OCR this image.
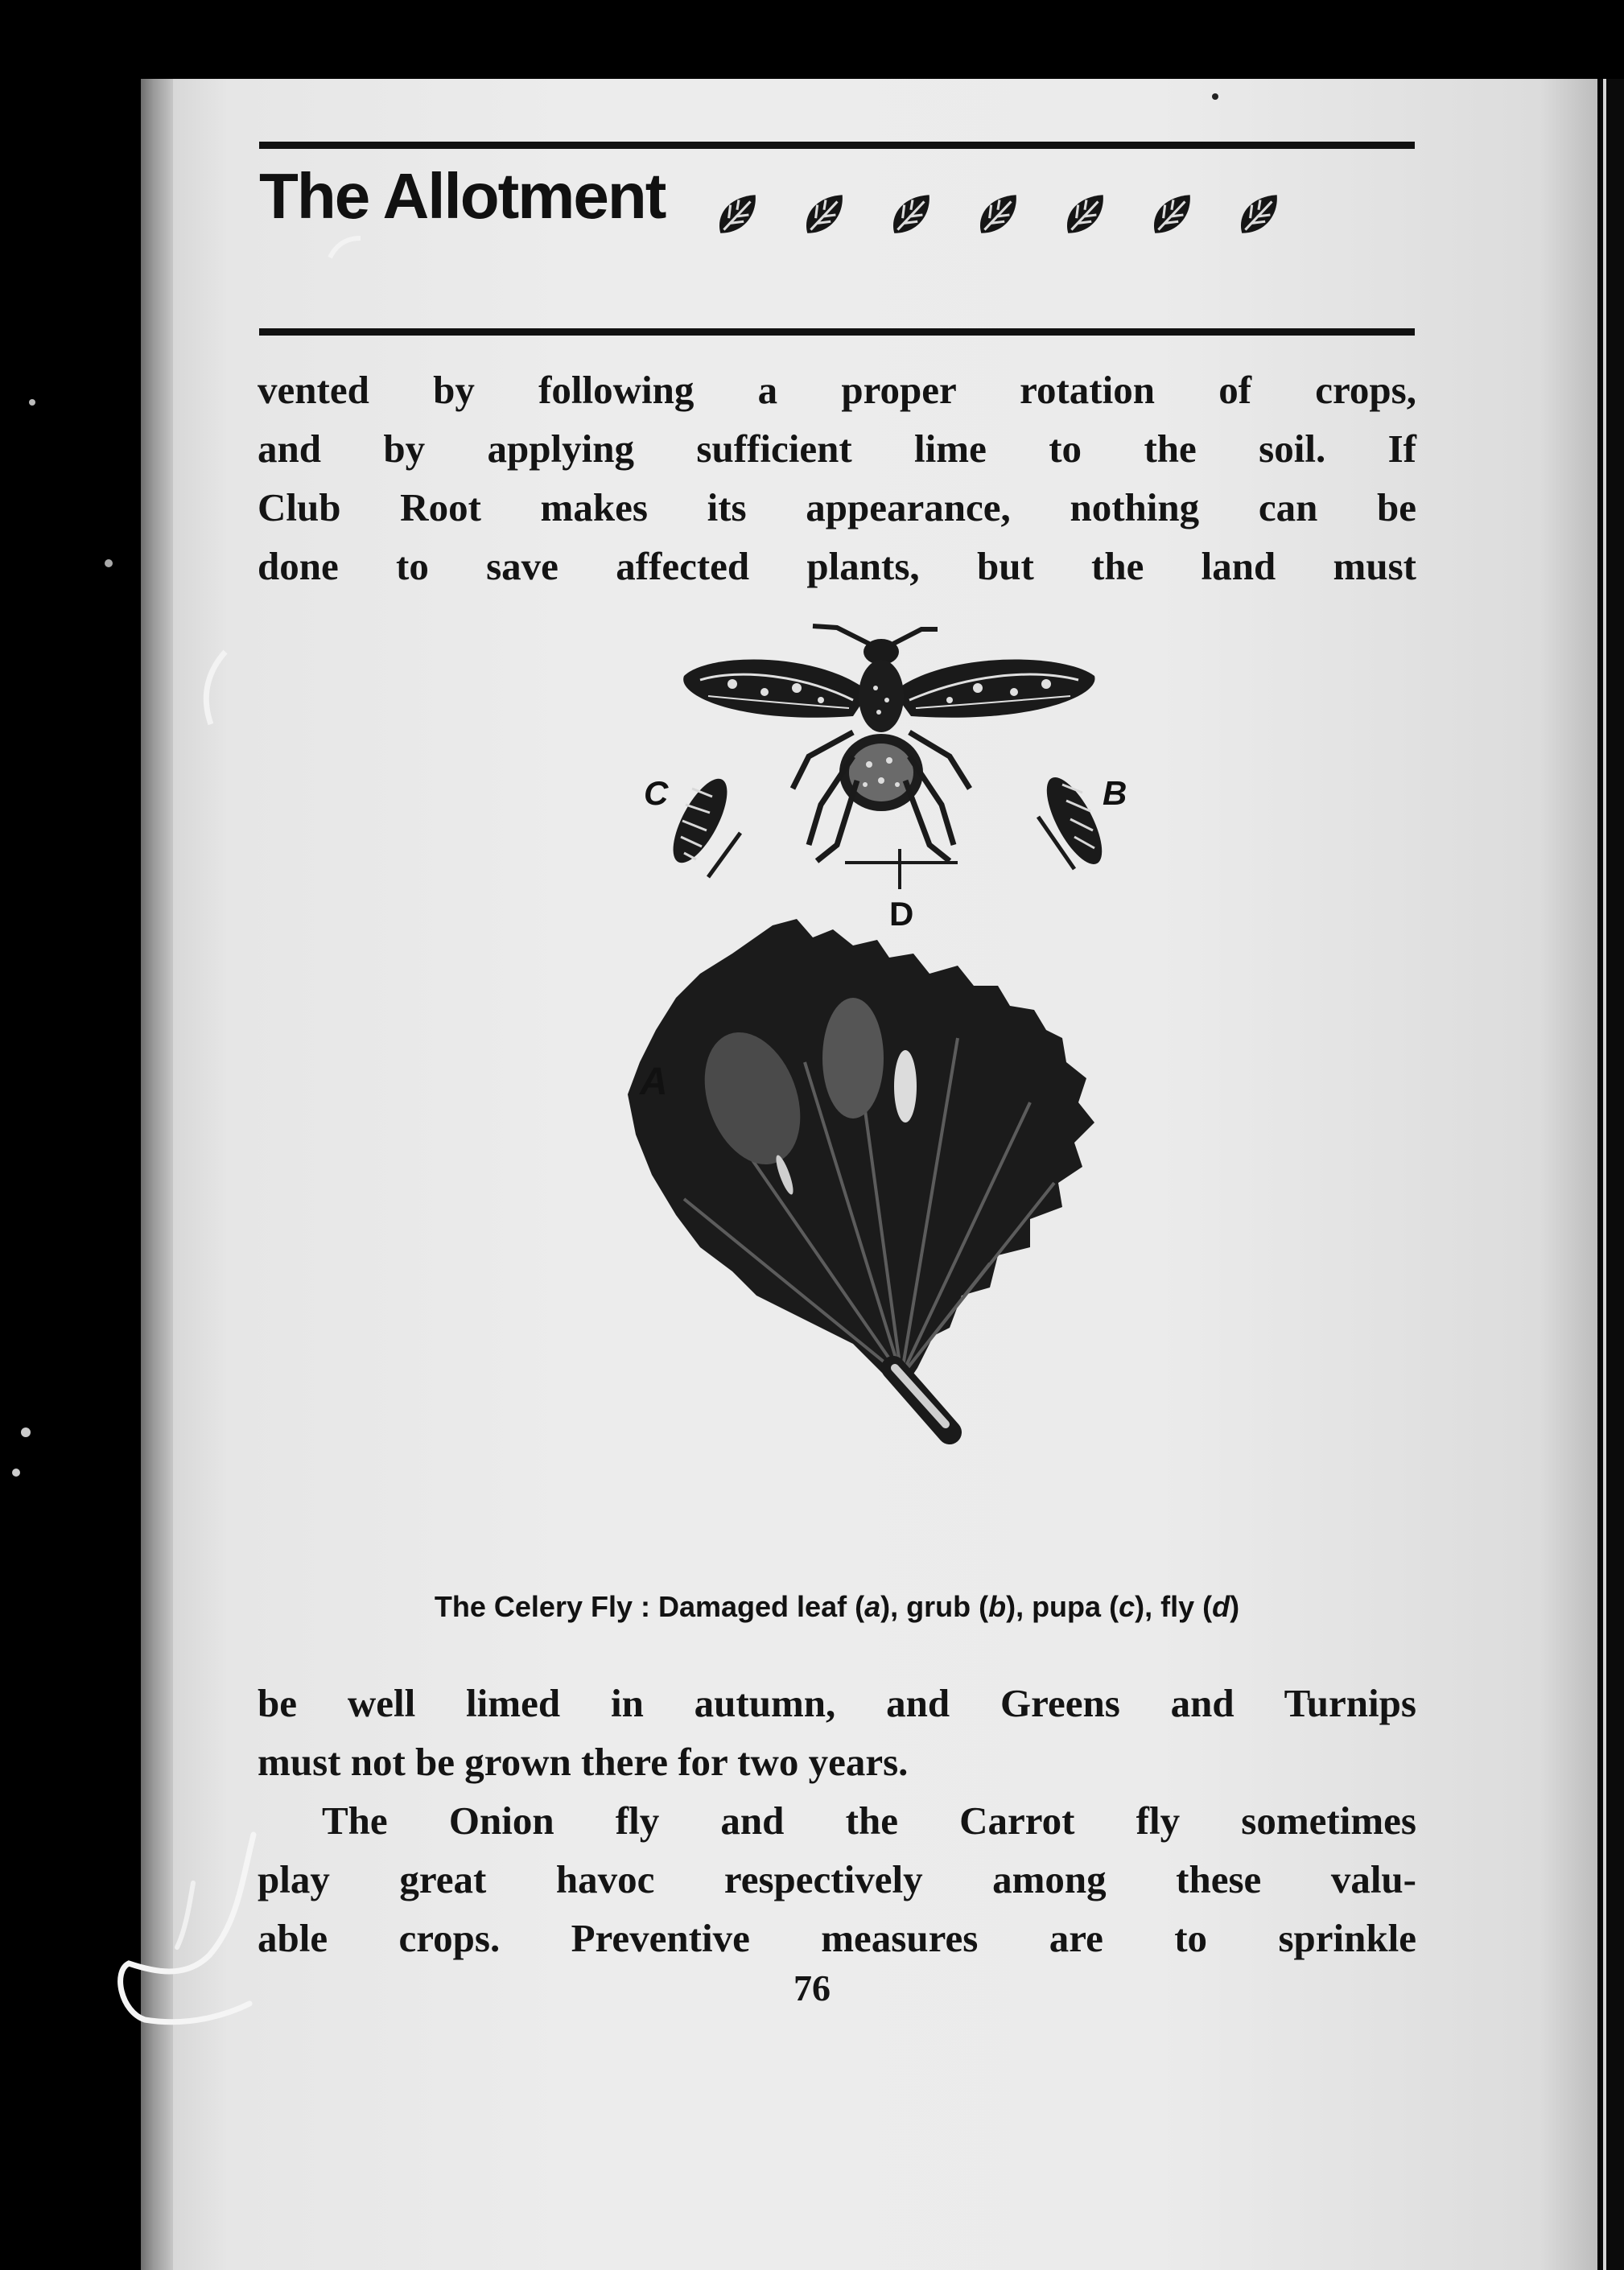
The Allotment
vented by following a proper rotation of crops,
and by applying sufficient lime to the soil. If
Club Root makes its appearance, nothing can be
done to save affected plants, but the land must
C	B
D
A
The Celery Fly : Damaged leaf (a), grub (b), pupa (c), fly (d)
be well limed in autumn, and Greens and Turnips
must not be grown there for two years.
The Onion fly and the Carrot fly sometimes
play great havoc respectively among these valu-
able crops. Preventive measures are to sprinkle
76
